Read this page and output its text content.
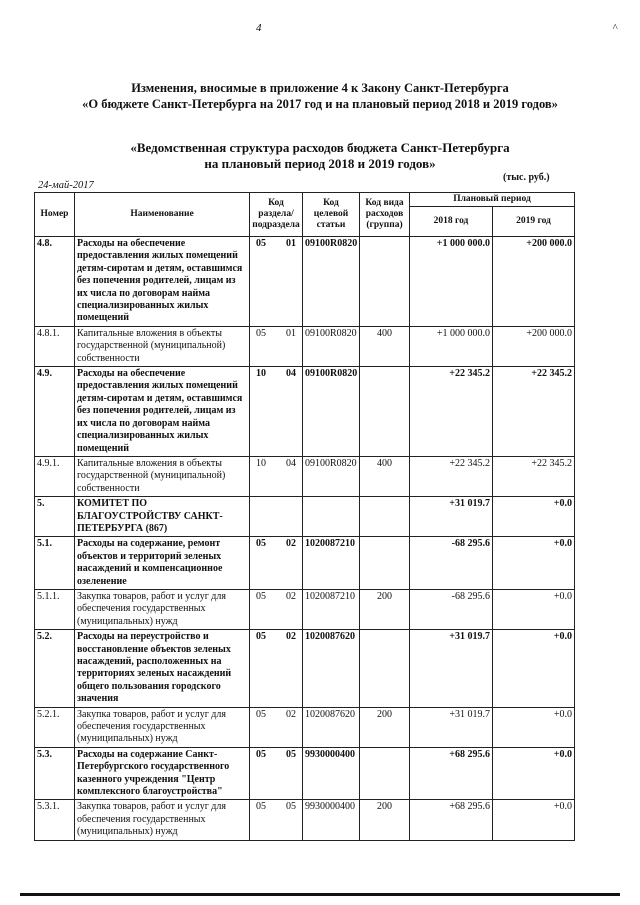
4	˄
Изменения, вносимые в приложение 4 к Закону Санкт-Петербурга
«О бюджете Санкт-Петербурга на 2017 год и на плановый период 2018 и 2019 годов»
«Ведомственная структура расходов бюджета Санкт-Петербурга
на плановый период 2018 и 2019 годов»
24-май-2017
(тыс. руб.)
Номер	Наименование	Код раздела/ подраздела	Код целевой статьи	Код вида расходов (группа)	Плановый период	
					2018 год	2019 год
4.8.	Расходы на обеспечение предоставления жилых помещений детям-сиротам и детям, оставшимся без попечения родителей, лицам из их числа по договорам найма специализированных жилых помещений	05 01	09100R0820		+1 000 000.0	+200 000.0
4.8.1.	Капитальные вложения в объекты государственной (муниципальной) собственности	05 01	09100R0820	400	+1 000 000.0	+200 000.0
4.9.	Расходы на обеспечение предоставления жилых помещений детям-сиротам и детям, оставшимся без попечения родителей, лицам из их числа по договорам найма специализированных жилых помещений	10 04	09100R0820		+22 345.2	+22 345.2
4.9.1.	Капитальные вложения в объекты государственной (муниципальной) собственности	10 04	09100R0820	400	+22 345.2	+22 345.2
5.	КОМИТЕТ ПО БЛАГОУСТРОЙСТВУ САНКТ-ПЕТЕРБУРГА (867)				+31 019.7	+0.0
5.1.	Расходы на содержание, ремонт объектов и территорий зеленых насаждений и компенсационное озеленение	05 02	1020087210		-68 295.6	+0.0
5.1.1.	Закупка товаров, работ и услуг для обеспечения государственных (муниципальных) нужд	05 02	1020087210	200	-68 295.6	+0.0
5.2.	Расходы на переустройство и восстановление объектов зеленых насаждений, расположенных на территориях зеленых насаждений общего пользования городского значения	05 02	1020087620		+31 019.7	+0.0
5.2.1.	Закупка товаров, работ и услуг для обеспечения государственных (муниципальных) нужд	05 02	1020087620	200	+31 019.7	+0.0
5.3.	Расходы на содержание Санкт-Петербургского государственного казенного учреждения "Центр комплексного благоустройства"	05 05	9930000400		+68 295.6	+0.0
5.3.1.	Закупка товаров, работ и услуг для обеспечения государственных (муниципальных) нужд	05 05	9930000400	200	+68 295.6	+0.0
